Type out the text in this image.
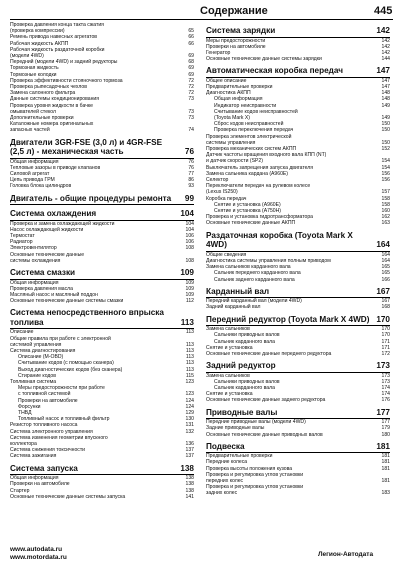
Содержание	445
Проверка давления конца такта сжатия
(проверка компрессии)	65
Ремень привода навесных агрегатов	66
Рабочая жидкость АКПП	66
Рабочая жидкость раздаточной коробки
(модели 4WD)	69
Передний (модели 4WD) и задний редукторы	68
Тормозная жидкость	69
Тормозные колодки	69
Проверка эффективности стояночного тормоза	72
Проверка рыпесадочных чехлов	72
Замена салонного фильтра	72
Данные системы кондиционирования	73
Проверка уровня жидкости в бачке
омывателей стекол	73
Дополнительные проверки	73
Каталожные номера оригинальных
запасных частей	74
Двигатели 3GR-FSE (3,0 л) и 4GR-FSE (2,5 л) - механическая часть	76
Общая информация	76
Тепловые зазоры в приводе клапанов	76
Силовой агрегат	77
Цепь привода ГРМ	86
Головка блока цилиндров	93
Двигатель - общие процедуры ремонта	99
Система охлаждения	104
Проверка и замена охлаждающей жидкости	104
Насос охлаждающей жидкости	104
Термостат	106
Радиатор	106
Электровентилятор	108
Основные технические данные
системы охлаждения	108
Система смазки	109
Общая информация	109
Проверка давления масла	109
Масляный насос и масляный поддон	109
Основные технические данные системы смазки	112
Система непосредственного впрыска топлива	113
Описание	113
Общие правила при работе с электронной
системой управления	113
Система диагностирования	113
Описание (M-OBD)	113
Считывание кодов (с помощью сканера)	113
Выход диагностических кодов (без сканера)	113
Стирание кодов	115
Топливная система	123
Меры предосторожности при работе
с топливной системой	123
Проверки на автомобиле	124
Форсунки	124
ТНВД	129
Топливный насос и топливный фильтр	130
Резистор топливного насоса	131
Система электронного управления	132
Система изменения геометрии впускного
коллектора	136
Система снижения токсичности	137
Система зажигания	137
Система запуска	138
Общая информация	138
Проверки на автомобиле	138
Стартер	138
Основные технические данные системы запуска	141
Система зарядки	142
Меры предосторожности	142
Проверки на автомобиле	142
Генератор	142
Основные технические данные системы зарядки	144
Автоматическая коробка передач	147
Общее описание	147
Предварительные проверки	147
Диагностика АКПП	148
Общая информация	148
Индикатор неисправности	149
Считывание кодов неисправностей
(Toyota Mark X)	149
Сброс кодов неисправностей	150
Проверка переключения передач	150
Проверка элементов электрической
системы управления	150
Проверка механических систем АКПП	152
Датчик частоты вращения входного вала КПП (NT)
и датчик скорости (SP2)	154
Выключатель запрещения запуска двигателя	154
Замена сальника кардана (A960E)	156
Селектор	156
Переключатели передач на рулевом колесе
(Lexus IS250)	157
Коробка передач	158
Снятие и установка (A960E)	158
Снятие и установка (A750H)	160
Проверка и установка гидротрансформатора	162
Основные технические данные АКПП	163
Раздаточная коробка (Toyota Mark X 4WD)	164
Общие сведения	164
Диагностика системы управления полным приводом	164
Замена сальников карданного вала	165
Сальник переднего карданного вала	165
Сальник заднего карданного вала	166
Карданный вал	167
Передний карданный вал (модели 4WD)	167
Задний карданный вал	168
Передний редуктор (Toyota Mark X 4WD) 170
Замена сальников	170
Сальники приводных валов	170
Сальник карданного вала	171
Снятие и установка	171
Основные технические данные переднего редуктора	172
Задний редуктор	173
Замена сальников	173
Сальники приводных валов	173
Сальник карданного вала	174
Снятие и установка	174
Основные технические данные заднего редуктора	176
Приводные валы	177
Передние приводные валы (модели 4WD)	177
Задние приводные валы	179
Основные технические данные приводных валов	180
Подвеска	181
Предварительные проверки	181
Передние колеса	181
Проверка высоты положения кузова	181
Проверка и регулировка углов установки
передних колес	181
Проверка и регулировка углов установки
задних колес	183
www.autodata.ru
www.motordata.ru	Легион-Автодата
